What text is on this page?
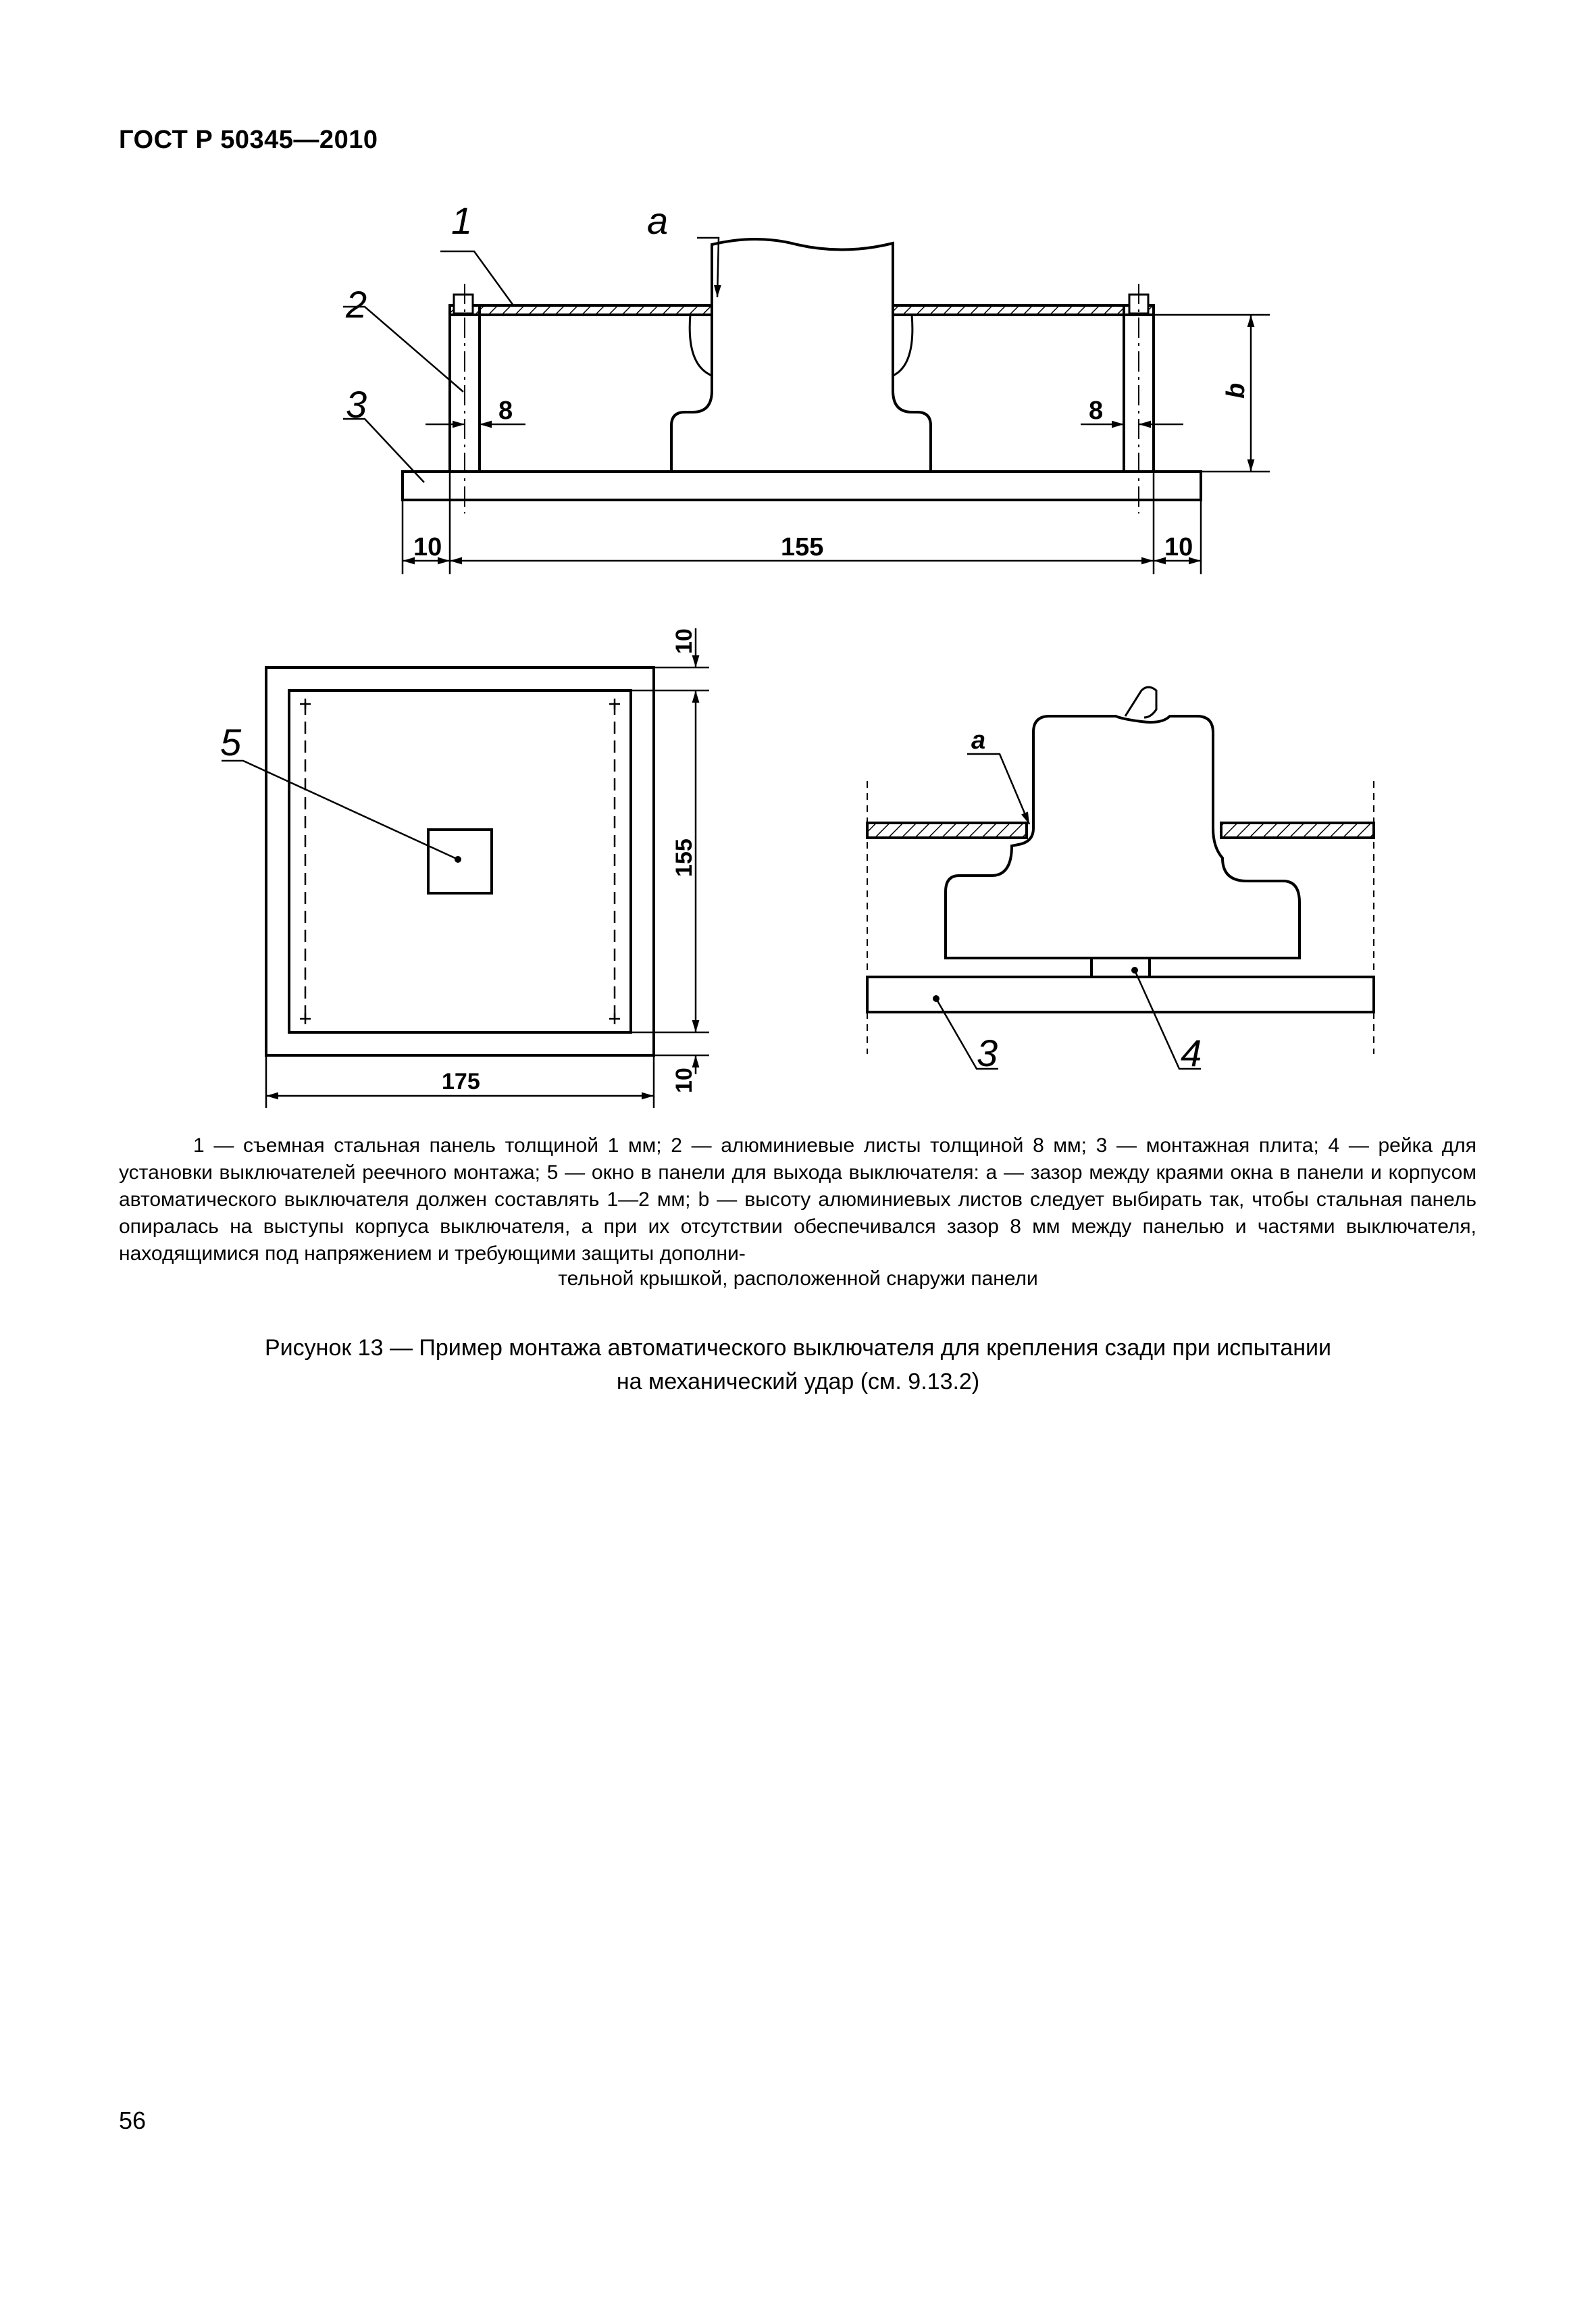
ГОСТ Р 50345—2010
1	a
2
3	8	8
b
10	155	10
5
10
155
10
175
a
3	4
1 — съемная стальная панель толщиной 1 мм; 2 — алюминиевые листы толщиной 8 мм; 3 — монтажная плита; 4 — рейка для установки выключателей реечного монтажа; 5 — окно в панели для выхода выключателя: a — зазор между краями окна в панели и корпусом автоматического выключателя должен составлять 1—2 мм; b — высоту алюминиевых листов следует выбирать так, чтобы стальная панель опиралась на выступы корпуса выключателя, а при их отсутствии обеспечивался зазор 8 мм между панелью и частями выключателя, находящимися под напряжением и требующими защиты дополни-
тельной крышкой, расположенной снаружи панели
Рисунок 13 — Пример монтажа автоматического выключателя для крепления сзади при испытании
на механический удар (см. 9.13.2)
56
